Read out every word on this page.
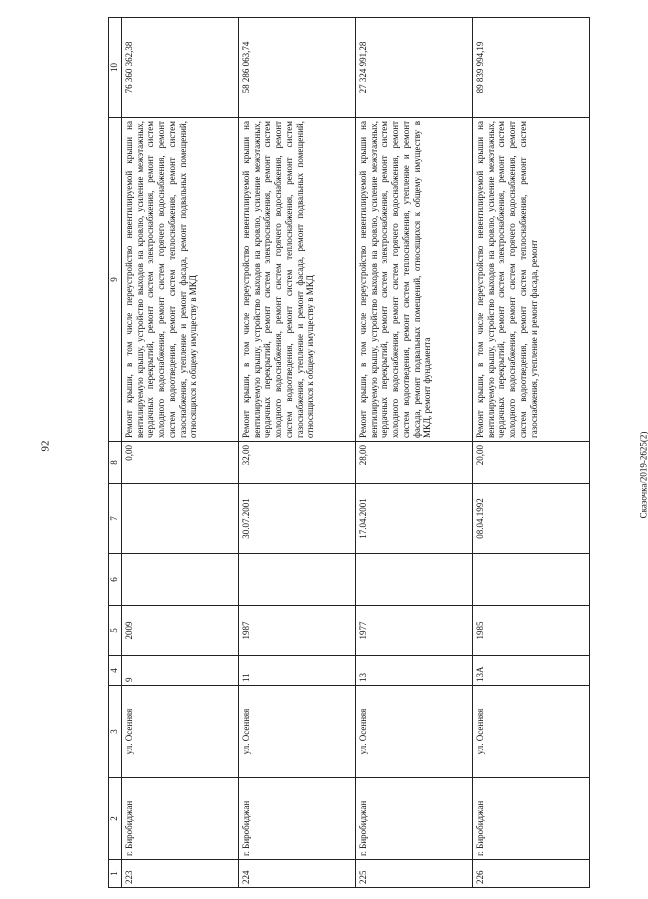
92	Сказочка/2019-2625(2)
1	2	3	4	5	6	7	8	9	10
223	г. Биробиджан	ул. Осенняя	9	2009			0,00	Ремонт крыши, в том числе переустройство невентилируемой крыши на вентилируемую крышу, устройство выходов на кровлю, усиление межэтажных, чердачных перекрытий, ремонт систем электроснабжения, ремонт систем холодного водоснабжения, ремонт систем горячего водоснабжения, ремонт систем водоотведения, ремонт систем теплоснабжения, ремонт систем газоснабжения, утепление и ремонт фасада, ремонт подвальных помещений, относящихся к общему имуществу в МКД	76 360 362,38
224	г. Биробиджан	ул. Осенняя	11	1987		30.07.2001	32,00	Ремонт крыши, в том числе переустройство невентилируемой крыши на вентилируемую крышу, устройство выходов на кровлю, усиление межэтажных, чердачных перекрытий, ремонт систем электроснабжения, ремонт систем холодного водоснабжения, ремонт систем горячего водоснабжения, ремонт систем водоотведения, ремонт систем теплоснабжения, ремонт систем газоснабжения, утепление и ремонт фасада, ремонт подвальных помещений, относящихся к общему имуществу в МКД	58 286 063,74
225	г. Биробиджан	ул. Осенняя	13	1977		17.04.2001	28,00	Ремонт крыши, в том числе переустройство невентилируемой крыши на вентилируемую крышу, устройство выходов на кровлю, усиление межэтажных, чердачных перекрытий, ремонт систем электроснабжения, ремонт систем холодного водоснабжения, ремонт систем горячего водоснабжения, ремонт систем водоотведения, ремонт систем теплоснабжения, утепление и ремонт фасада, ремонт подвальных помещений, относящихся к общему имуществу в МКД, ремонт фундамента	27 324 991,28
226	г. Биробиджан	ул. Осенняя	13А	1985		08.04.1992	20,00	Ремонт крыши, в том числе переустройство невентилируемой крыши на вентилируемую крышу, устройство выходов на кровлю, усиление межэтажных, чердачных перекрытий, ремонт систем электроснабжения, ремонт систем холодного водоснабжения, ремонт систем горячего водоснабжения, ремонт систем водоотведения, ремонт систем теплоснабжения, ремонт систем газоснабжения, утепление и ремонт фасада, ремонт	89 839 994,19
